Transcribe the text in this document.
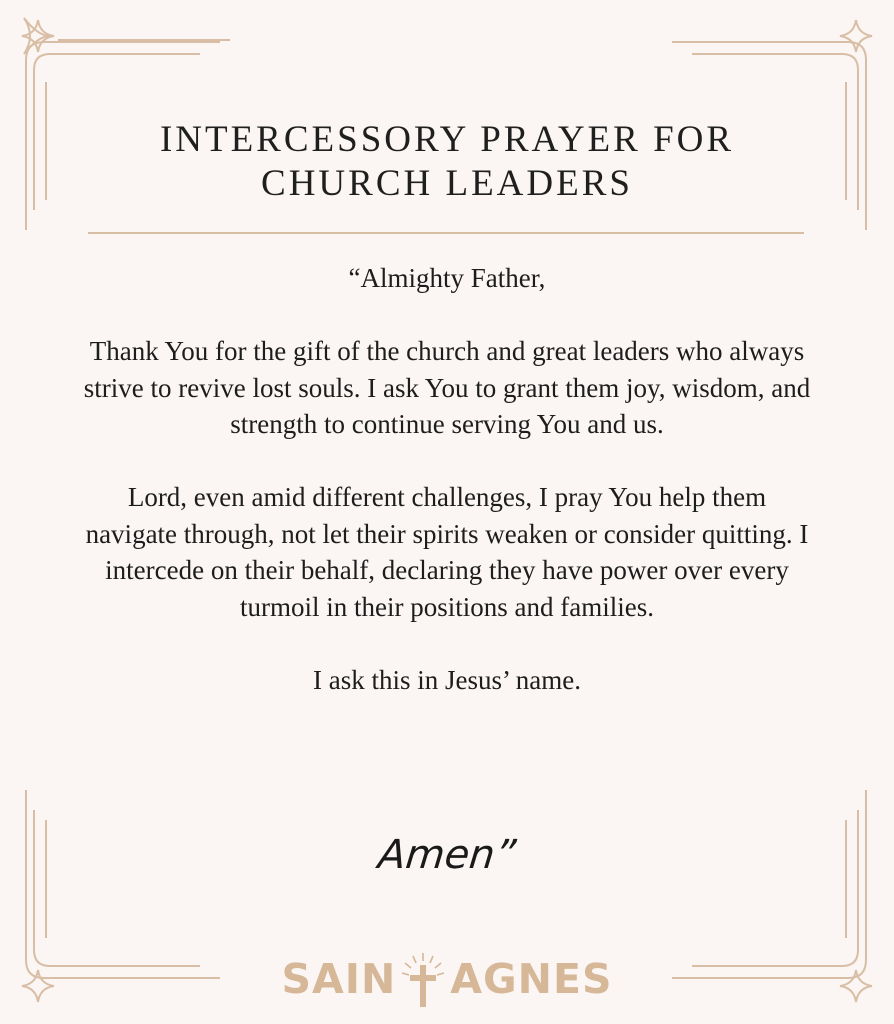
INTERCESSORY PRAYER FOR
CHURCH LEADERS

“Almighty Father,

Thank You for the gift of the church and great leaders who always strive to revive lost souls. I ask You to grant them joy, wisdom, and strength to continue serving You and us.

Lord, even amid different challenges, I pray You help them navigate through, not let their spirits weaken or consider quitting. I intercede on their behalf, declaring they have power over every turmoil in their positions and families.

I ask this in Jesus’ name.

Amen”
SAIN AGNES
